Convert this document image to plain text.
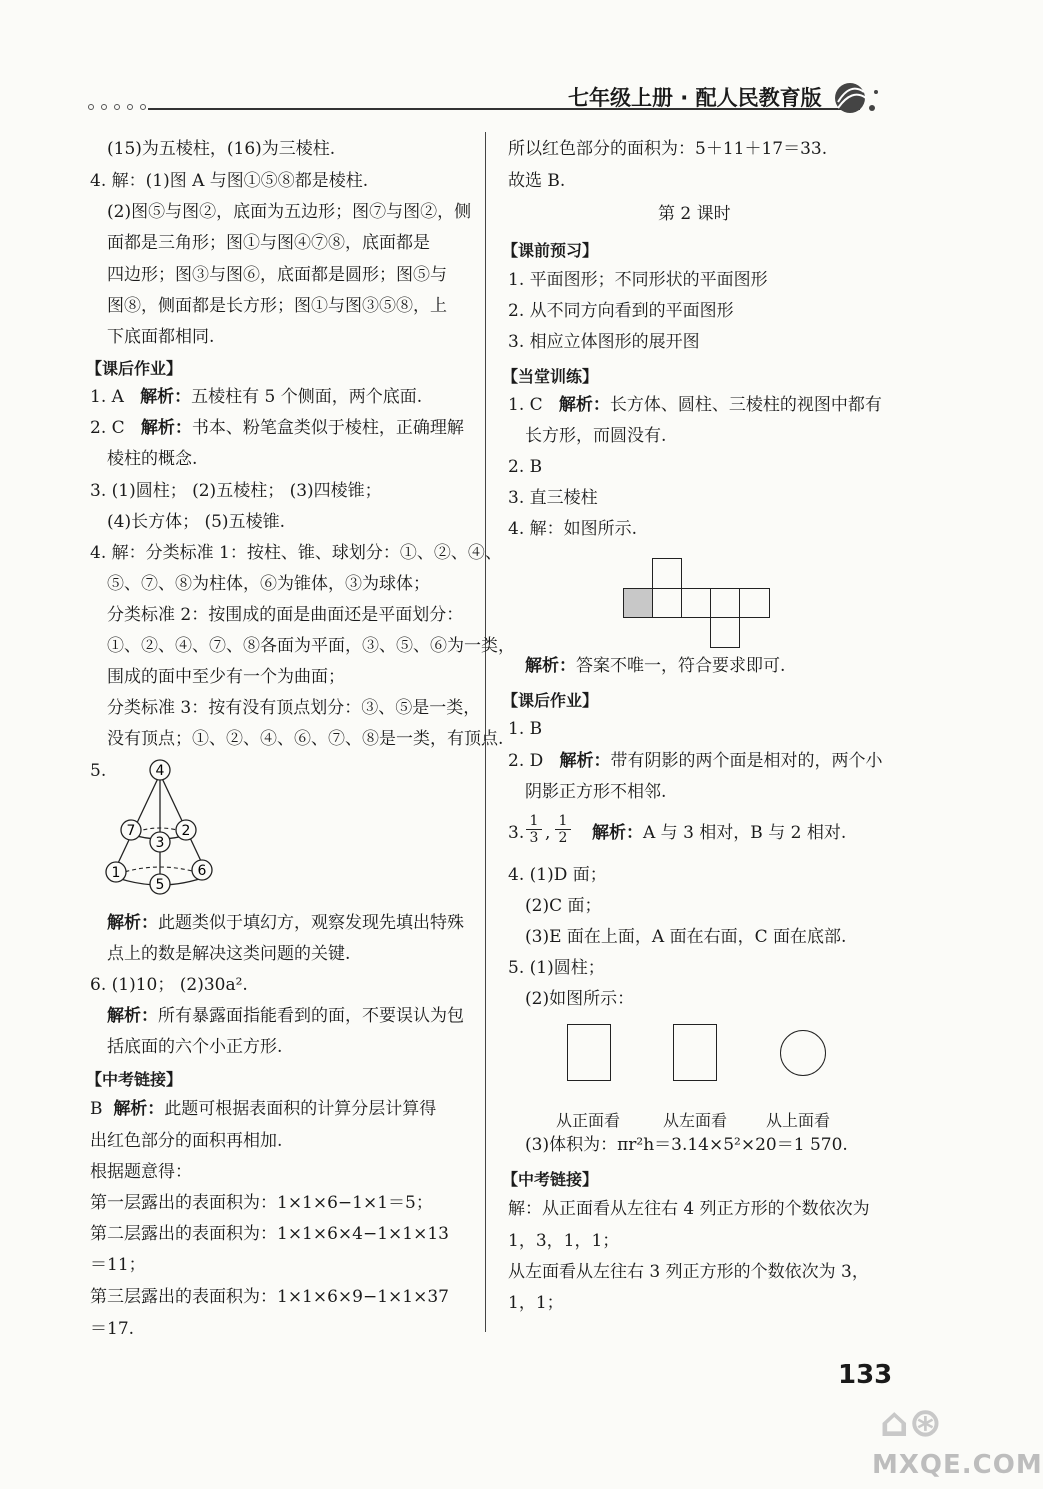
七年级上册 · 配人民教育版
(15)为五棱柱，(16)为三棱柱.
4. 解：(1)图 A 与图①⑤⑧都是棱柱.
(2)图⑤与图②，底面为五边形；图⑦与图②，侧
面都是三角形；图①与图④⑦⑧，底面都是
四边形；图③与图⑥，底面都是圆形；图⑤与
图⑧，侧面都是长方形；图①与图③⑤⑧，上
下底面都相同.
【课后作业】
1. A 解析：五棱柱有 5 个侧面，两个底面.
2. C 解析：书本、粉笔盒类似于棱柱，正确理解
棱柱的概念.
3. (1)圆柱； (2)五棱柱； (3)四棱锥；
(4)长方体； (5)五棱锥.
4. 解：分类标准 1：按柱、锥、球划分：①、②、④、
⑤、⑦、⑧为柱体，⑥为锥体，③为球体；
分类标准 2：按围成的面是曲面还是平面划分：
①、②、④、⑦、⑧各面为平面，③、⑤、⑥为一类，
围成的面中至少有一个为曲面；
分类标准 3：按有没有顶点划分：③、⑤是一类，
没有顶点；①、②、④、⑥、⑦、⑧是一类，有顶点.
5.	4
7	2
3
1
5
6
解析：此题类似于填幻方，观察发现先填出特殊
点上的数是解决这类问题的关键.
6. (1)10； (2)30a².
解析：所有暴露面指能看到的面，不要误认为包
括底面的六个小正方形.
【中考链接】
B 解析：此题可根据表面积的计算分层计算得
出红色部分的面积再相加.
根据题意得：
第一层露出的表面积为：1×1×6−1×1＝5；
第二层露出的表面积为：1×1×6×4−1×1×13
＝11；
第三层露出的表面积为：1×1×6×9−1×1×37
＝17.
所以红色部分的面积为：5＋11＋17＝33.
故选 B.
第 2 课时
【课前预习】
1. 平面图形；不同形状的平面图形
2. 从不同方向看到的平面图形
3. 相应立体图形的展开图
【当堂训练】
1. C 解析：长方体、圆柱、三棱柱的视图中都有
长方形，而圆没有.
2. B
3. 直三棱柱
4. 解：如图所示.
解析：答案不唯一，符合要求即可.
【课后作业】
1. B
2. D 解析：带有阴影的两个面是相对的，两个小
阴影正方形不相邻.
3.
1
3 ,
1
2 解析：A 与 3 相对，B 与 2 相对.
4. (1)D 面；
(2)C 面；
(3)E 面在上面，A 面在右面，C 面在底部.
5. (1)圆柱；
(2)如图所示：
从正面看	从左面看 从上面看
(3)体积为：πr²h＝3.14×5²×20＝1 570.
【中考链接】
解：从正面看从左往右 4 列正方形的个数依次为
1，3，1，1；
从左面看从左往右 3 列正方形的个数依次为 3，
1，1；
133
⌂⊛
MXQE.COM
